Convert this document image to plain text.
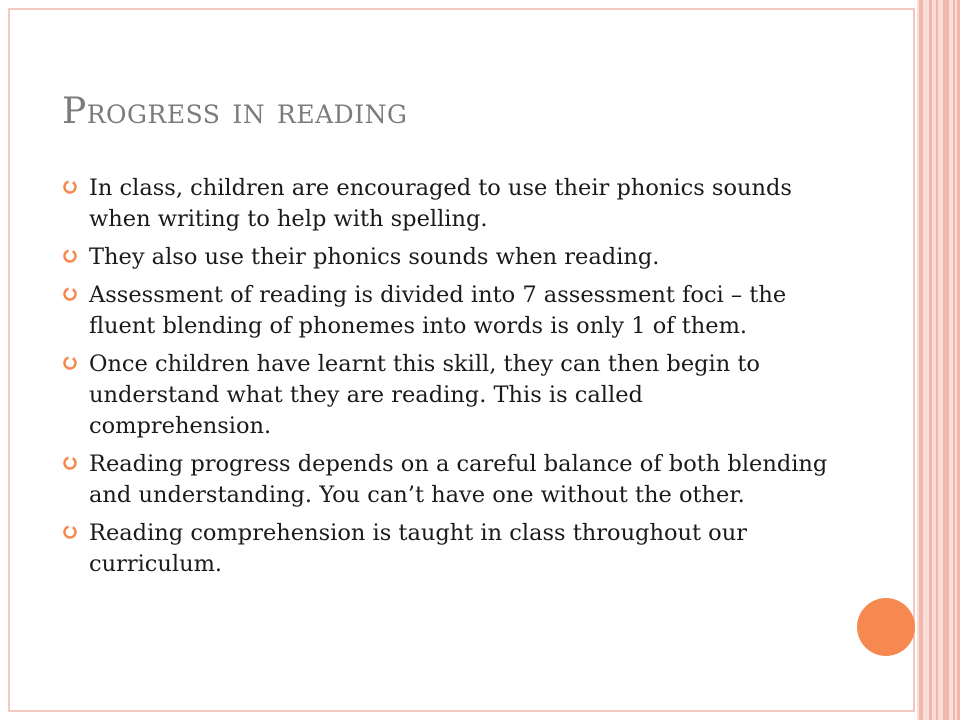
Progress in reading
In class, children are encouraged to use their phonics sounds when writing to help with spelling.
They also use their phonics sounds when reading.
Assessment of reading is divided into 7 assessment foci – the fluent blending of phonemes into words is only 1 of them.
Once children have learnt this skill, they can then begin to understand what they are reading. This is called comprehension.
Reading progress depends on a careful balance of both blending and understanding. You can’t have one without the other.
Reading comprehension is taught in class throughout our curriculum.
